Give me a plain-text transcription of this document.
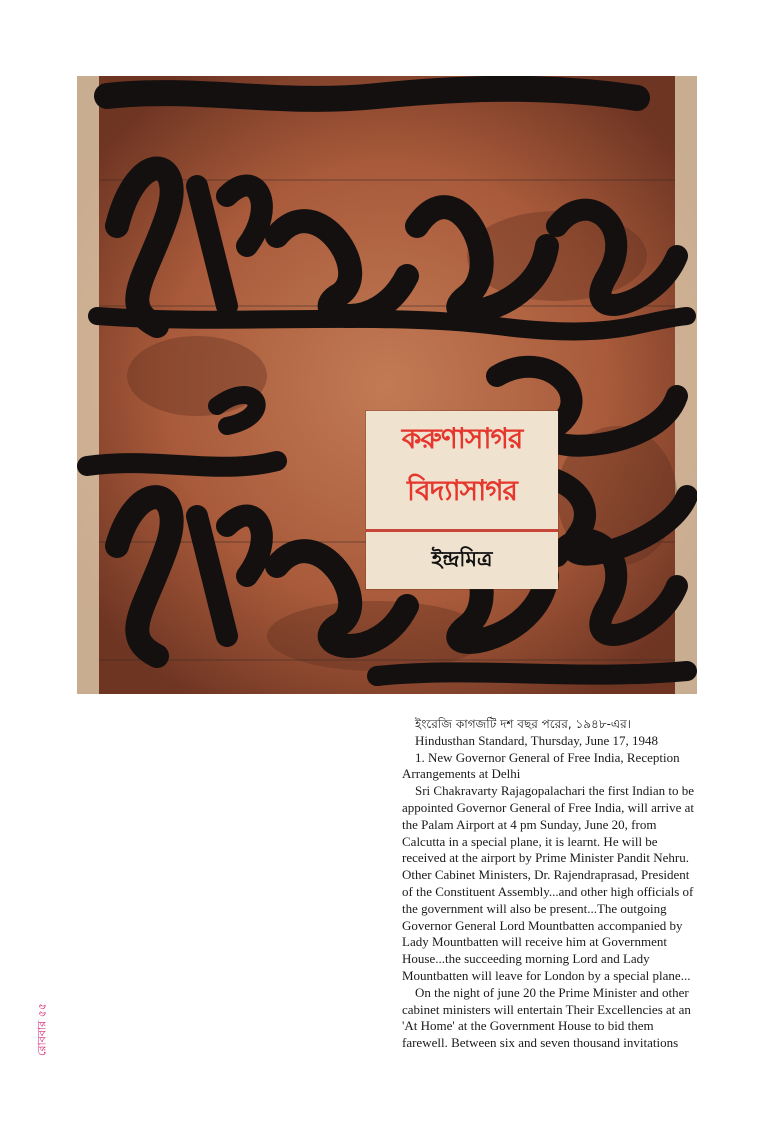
করুণাসাগর
বিদ্যাসাগর
ইন্দ্রমিত্র

ইংরেজি কাগজটি দশ বছর পরের, ১৯৪৮-এর।

Hindusthan Standard, Thursday, June 17, 1948

1. New Governor General of Free India, Reception Arrangements at Delhi

Sri Chakravarty Rajagopalachari the first Indian to be appointed Governor General of Free India, will arrive at the Palam Airport at 4 pm Sunday, June 20, from Calcutta in a special plane, it is learnt. He will be received at the airport by Prime Minister Pandit Nehru. Other Cabinet Ministers, Dr. Rajendraprasad, President of the Constituent Assembly...and other high officials of the government will also be present...The outgoing Governor General Lord Mountbatten accompanied by Lady Mountbatten will receive him at Government House...the succeeding morning Lord and Lady Mountbatten will leave for London by a special plane...

On the night of june 20 the Prime Minister and other cabinet ministers will entertain Their Excellencies at an 'At Home' at the Government House to bid them farewell. Between six and seven thousand invitations

রোববার ৫৫
